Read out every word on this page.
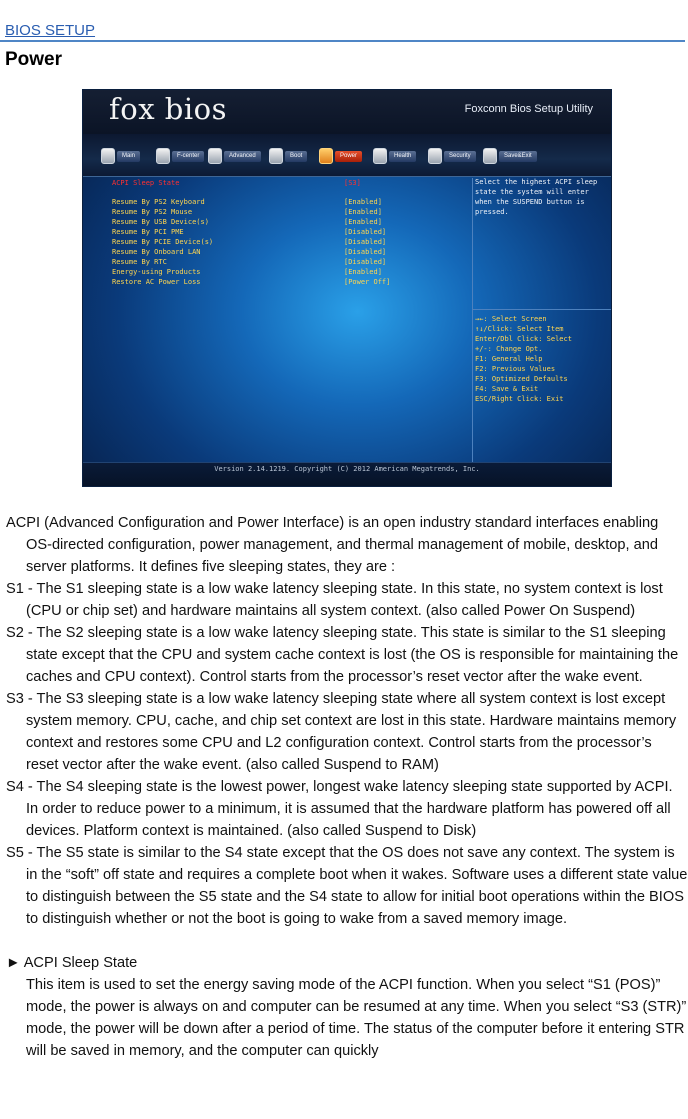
BIOS SETUP
Power
fox bios	Foxconn Bios Setup Utility
Main	F-center	Advanced	Boot	Power	Health	Security	Save&Exit
ACPI Sleep State	[S3]
Resume By PS2 Keyboard	[Enabled]
Resume By PS2 Mouse	[Enabled]
Resume By USB Device(s)	[Enabled]
Resume By PCI PME	[Disabled]
Resume By PCIE Device(s)	[Disabled]
Resume By Onboard LAN	[Disabled]
Resume By RTC	[Disabled]
Energy-using Products	[Enabled]
Restore AC Power Loss	[Power Off]
Select the highest ACPI sleep state the system will enter when the SUSPEND button is pressed.
→←: Select Screen
↑↓/Click: Select Item
Enter/Dbl Click: Select
+/-: Change Opt.
F1: General Help
F2: Previous Values
F3: Optimized Defaults
F4: Save & Exit
ESC/Right Click: Exit
Version 2.14.1219. Copyright (C) 2012 American Megatrends, Inc.

ACPI (Advanced Configuration and Power Interface) is an open industry standard interfaces enabling OS-directed configuration, power management, and thermal management of mobile, desktop, and server platforms. It defines five sleeping states, they are :

S1 - The S1 sleeping state is a low wake latency sleeping state. In this state, no system context is lost (CPU or chip set) and hardware maintains all system context. (also called Power On Suspend)

S2 - The S2 sleeping state is a low wake latency sleeping state. This state is similar to the S1 sleeping state except that the CPU and system cache context is lost (the OS is responsible for maintaining the caches and CPU context). Control starts from the processor’s reset vector after the wake event.

S3 - The S3 sleeping state is a low wake latency sleeping state where all system context is lost except system memory. CPU, cache, and chip set context are lost in this state. Hardware maintains memory context and restores some CPU and L2 configuration context. Control starts from the processor’s reset vector after the wake event. (also called Suspend to RAM)

S4 - The S4 sleeping state is the lowest power, longest wake latency sleeping state supported by ACPI. In order to reduce power to a minimum, it is assumed that the hardware platform has powered off all devices. Platform context is maintained. (also called Suspend to Disk)

S5 - The S5 state is similar to the S4 state except that the OS does not save any context. The system is in the “soft” off state and requires a complete boot when it wakes. Software uses a different state value to distinguish between the S5 state and the S4 state to allow for initial boot operations within the BIOS to distinguish whether or not the boot is going to wake from a saved memory image.

► ACPI Sleep State

This item is used to set the energy saving mode of the ACPI function. When you select “S1 (POS)” mode, the power is always on and computer can be resumed at any time. When you select “S3 (STR)” mode, the power will be down after a period of time. The status of the computer before it entering STR will be saved in memory, and the computer can quickly
